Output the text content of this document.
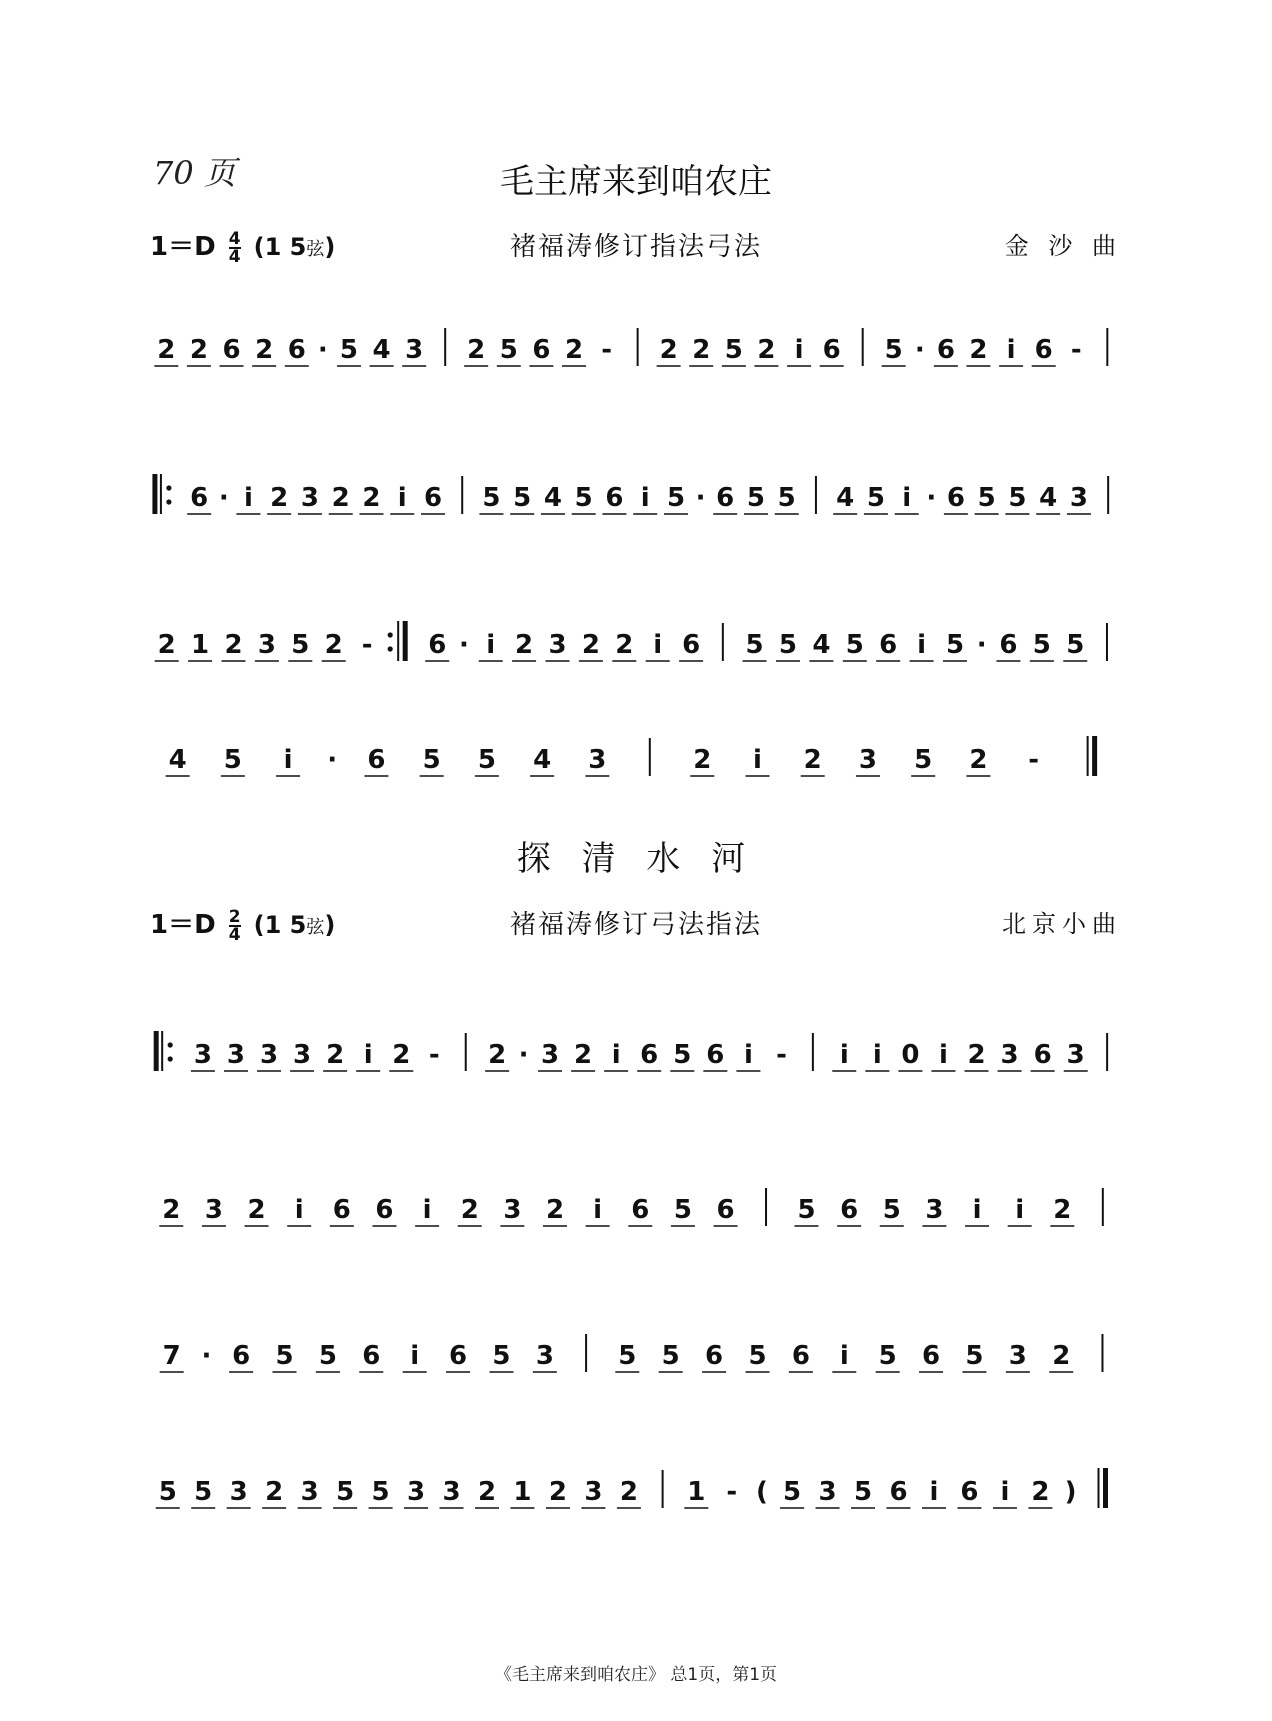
70 页	毛主席来到咱农庄
$1=D \frac{4}{4} (1$ 5弦)	褚福涛修订指法弓法	金 沙 曲
探 清 水 河
$1=D \frac{2}{4} (1$ 5弦)	褚福涛修订弓法指法	北京小曲
2 2 6 2 6 · 5 4 3 2 5 6 2 - 2 2 5 2 i 6 5 · 6 2 i 6 -
6 · i 2 3 2 2 i 6 5 5 4 5 6 i 5 · 6 5 5 4 5 i · 6 5 5 4 3
2 1 2 3 5 2 - 6 · i 2 3 2 2 i 6 5 5 4 5 6 i 5 · 6 5 5
4 5 i · 6 5 5 4 3	2 i 2 3 5 2 -
3 3 3 3 2 i 2 - 2 · 3 2 i 6 5 6 i - i i 0 i 2 3 6 3
2 3 2 i 6 6 i 2 3 2 i 6 5 6 5 6 5 3 i i 2
7 · 6 5 5 6 i 6 5 3 5 5 6 5 6 i 5 6 5 3 2
5 5 3 2 3 5 5 3 3 2 1 2 3 2 1 - ( 5 3 5 6 i 6 i 2 )
《毛主席来到咱农庄》 总1页，第1页
